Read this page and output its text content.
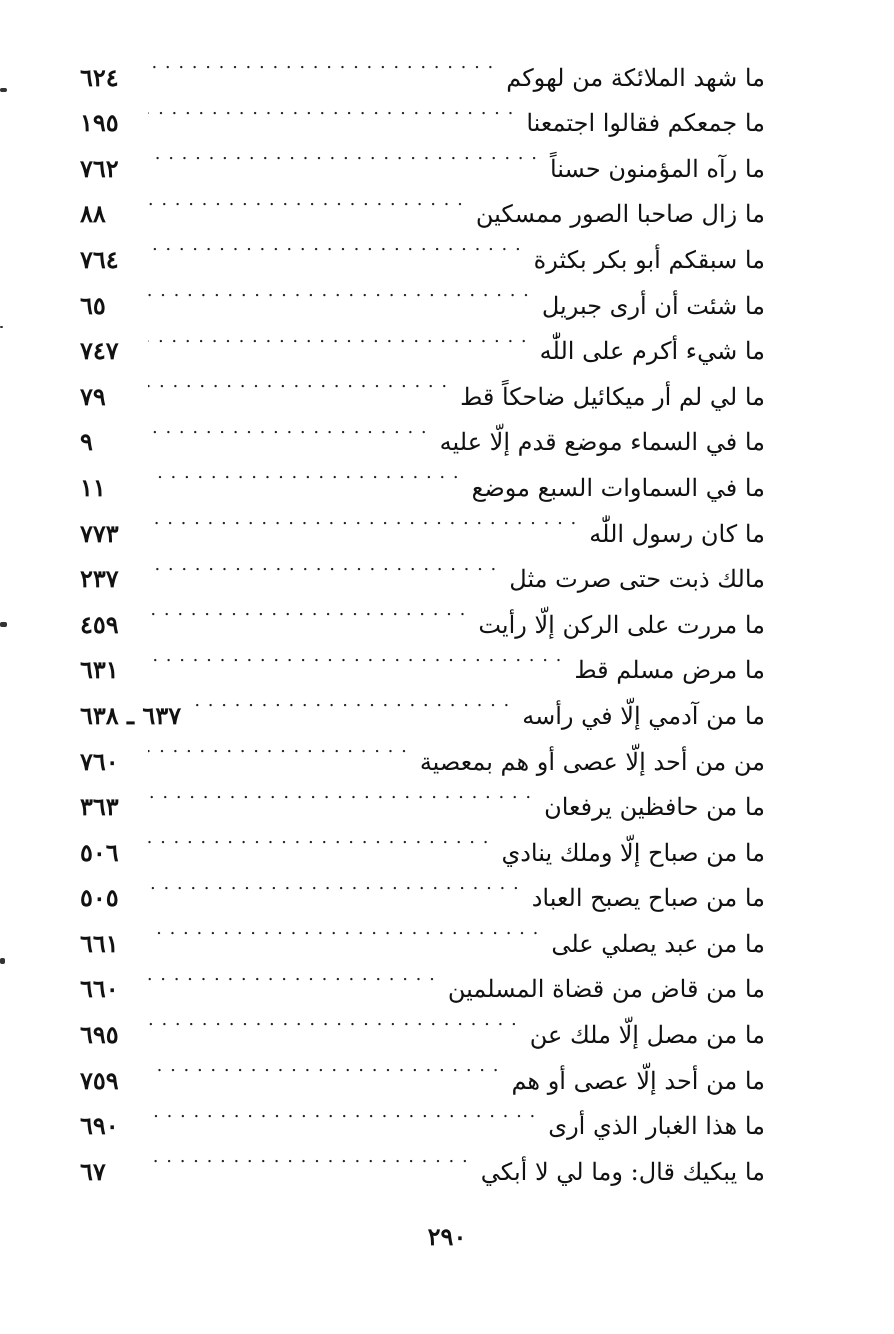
ما شهد الملائكة من لهوكم
. . .
٦٢٤
ما جمعكم فقالوا اجتمعنا
. . .
١٩٥
ما رآه المؤمنون حسناً
. . .
٧٦٢
ما زال صاحبا الصور ممسكين
. . .
٨٨
ما سبقكم أبو بكر بكثرة
. . .
٧٦٤
ما شئت أن أرى جبريل
. . .
٦٥
ما شيء أكرم على اللّٰه
. . .
٧٤٧
ما لي لم أر ميكائيل ضاحكاً قط
. . .
٧٩
ما في السماء موضع قدم إلّا عليه
. . .
٩
ما في السماوات السبع موضع
. . .
١١
ما كان رسول اللّٰه
. . .
٧٧٣
مالك ذبت حتى صرت مثل
. . .
٢٣٧
ما مررت على الركن إلّا رأيت
. . .
٤٥٩
ما مرض مسلم قط
. . .
٦٣١
ما من آدمي إلّا في رأسه
. . .
٦٣٧ ـ ٦٣٨
من من أحد إلّا عصى أو هم بمعصية
. . .
٧٦٠
ما من حافظين يرفعان
. . .
٣٦٣
ما من صباح إلّا وملك ينادي
. . .
٥٠٦
ما من صباح يصبح العباد
. . .
٥٠٥
ما من عبد يصلي على
. . .
٦٦١
ما من قاض من قضاة المسلمين
. . .
٦٦٠
ما من مصل إلّا ملك عن
. . .
٦٩٥
ما من أحد إلّا عصى أو هم
. . .
٧٥٩
ما هذا الغبار الذي أرى
. . .
٦٩٠
ما يبكيك قال: وما لي لا أبكي
. . .
٦٧
٢٩٠
